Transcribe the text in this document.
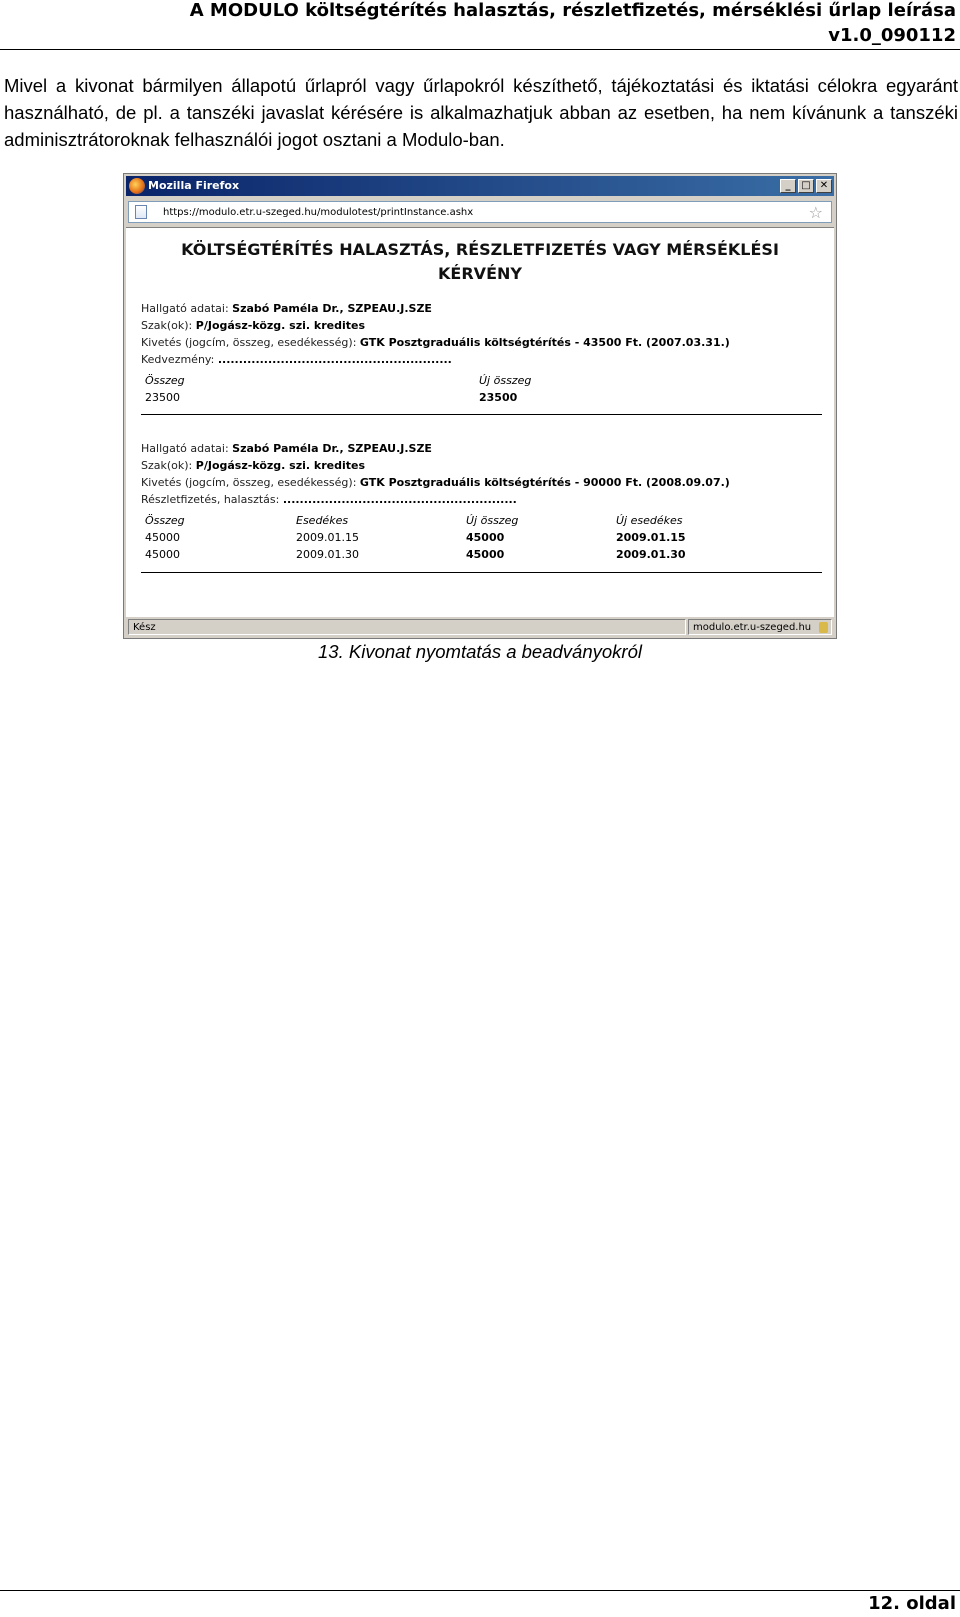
A MODULO költségtérítés halasztás, részletfizetés, mérséklési űrlap leírása
v1.0_090112
Mivel a kivonat bármilyen állapotú űrlapról vagy űrlapokról készíthető, tájékoztatási és iktatási célokra egyaránt használható, de pl. a tanszéki javaslat kérésére is alkalmazhatjuk abban az esetben, ha nem kívánunk a tanszéki adminisztrátoroknak felhasználói jogot osztani a Modulo-ban.
Mozilla Firefox	_	□ ✕
https://modulo.etr.u-szeged.hu/modulotest/printInstance.ashx	☆
KÖLTSÉGTÉRÍTÉS HALASZTÁS, RÉSZLETFIZETÉS VAGY MÉRSÉKLÉSI
KÉRVÉNY
Hallgató adatai: Szabó Paméla Dr., SZPEAU.J.SZE
Szak(ok): P/Jogász-közg. szi. kredites
Kivetés (jogcím, összeg, esedékesség): GTK Posztgraduális költségtérítés - 43500 Ft. (2007.03.31.)
Kedvezmény: ........................................................
Összeg	Új összeg
23500	23500
Hallgató adatai: Szabó Paméla Dr., SZPEAU.J.SZE
Szak(ok): P/Jogász-közg. szi. kredites
Kivetés (jogcím, összeg, esedékesség): GTK Posztgraduális költségtérítés - 90000 Ft. (2008.09.07.)
Részletfizetés, halasztás: ........................................................
Összeg	Esedékes	Új összeg	Új esedékes
45000	2009.01.15	45000	2009.01.15
45000	2009.01.30	45000	2009.01.30
Kész	modulo.etr.u-szeged.hu
13. Kivonat nyomtatás a beadványokról
12. oldal
